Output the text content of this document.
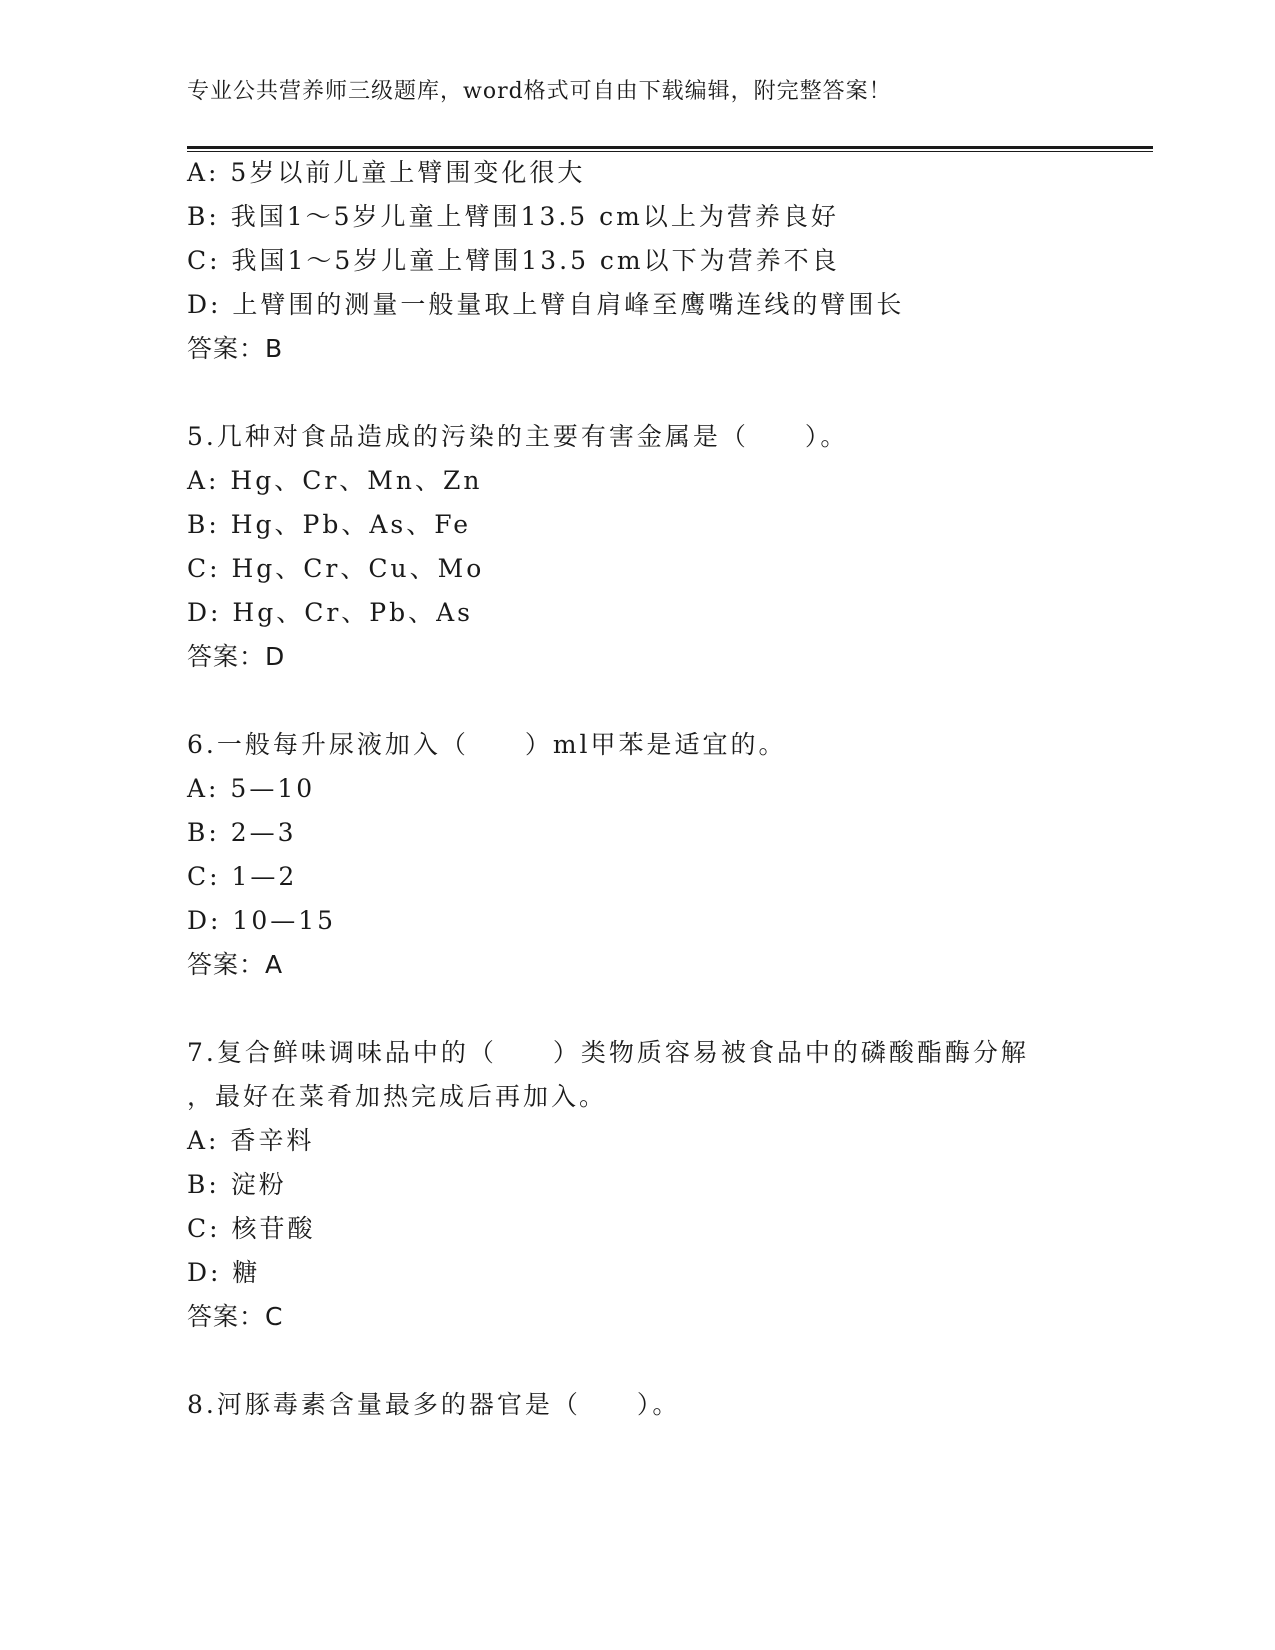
专业公共营养师三级题库，word格式可自由下载编辑，附完整答案！
A: 5岁以前儿童上臂围变化很大
B: 我国1～5岁儿童上臂围13.5 cm以上为营养良好
C: 我国1～5岁儿童上臂围13.5 cm以下为营养不良
D: 上臂围的测量一般量取上臂自肩峰至鹰嘴连线的臂围长
答案：B
5.几种对食品造成的污染的主要有害金属是（　　）。
A: Hg、Cr、Mn、Zn
B: Hg、Pb、As、Fe
C: Hg、Cr、Cu、Mo
D: Hg、Cr、Pb、As
答案：D
6.一般每升尿液加入（　　）ml甲苯是适宜的。
A: 5—10
B: 2—3
C: 1—2
D: 10—15
答案：A
7.复合鲜味调味品中的（　　）类物质容易被食品中的磷酸酯酶分解
，最好在菜肴加热完成后再加入。
A: 香辛料
B: 淀粉
C: 核苷酸
D: 糖
答案：C
8.河豚毒素含量最多的器官是（　　）。
